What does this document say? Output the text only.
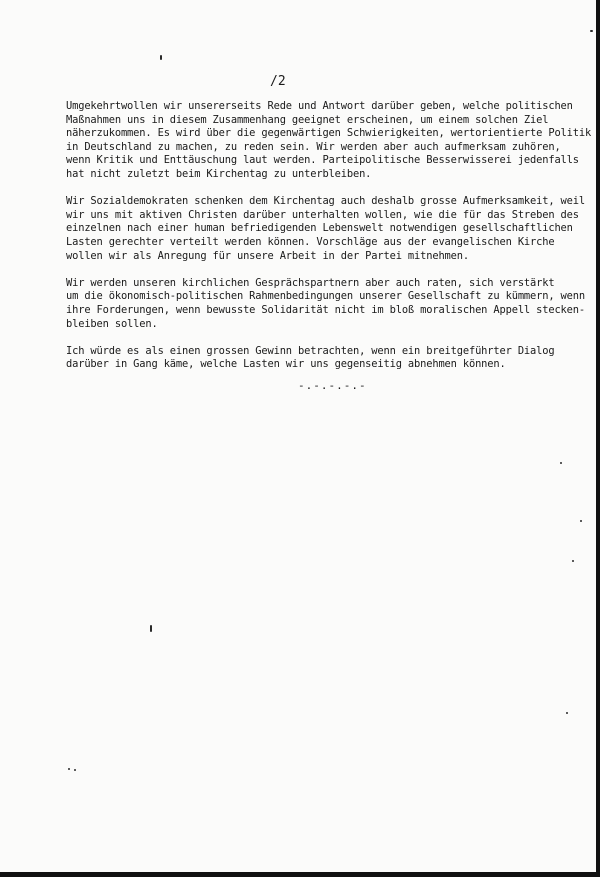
/2
Umgekehrtwollen wir unsererseits Rede und Antwort darüber geben, welche politischen
Maßnahmen uns in diesem Zusammenhang geeignet erscheinen, um einem solchen Ziel
näherzukommen. Es wird über die gegenwärtigen Schwierigkeiten, wertorientierte Politik
in Deutschland zu machen, zu reden sein. Wir werden aber auch aufmerksam zuhören,
wenn Kritik und Enttäuschung laut werden. Parteipolitische Besserwisserei jedenfalls
hat nicht zuletzt beim Kirchentag zu unterbleiben.
Wir Sozialdemokraten schenken dem Kirchentag auch deshalb grosse Aufmerksamkeit, weil
wir uns mit aktiven Christen darüber unterhalten wollen, wie die für das Streben des
einzelnen nach einer human befriedigenden Lebenswelt notwendigen gesellschaftlichen
Lasten gerechter verteilt werden können. Vorschläge aus der evangelischen Kirche
wollen wir als Anregung für unsere Arbeit in der Partei mitnehmen.
Wir werden unseren kirchlichen Gesprächspartnern aber auch raten, sich verstärkt
um die ökonomisch-politischen Rahmenbedingungen unserer Gesellschaft zu kümmern, wenn
ihre Forderungen, wenn bewusste Solidarität nicht im bloß moralischen Appell stecken-
bleiben sollen.
Ich würde es als einen grossen Gewinn betrachten, wenn ein breitgeführter Dialog
darüber in Gang käme, welche Lasten wir uns gegenseitig abnehmen können.
-.-.-.-.-
